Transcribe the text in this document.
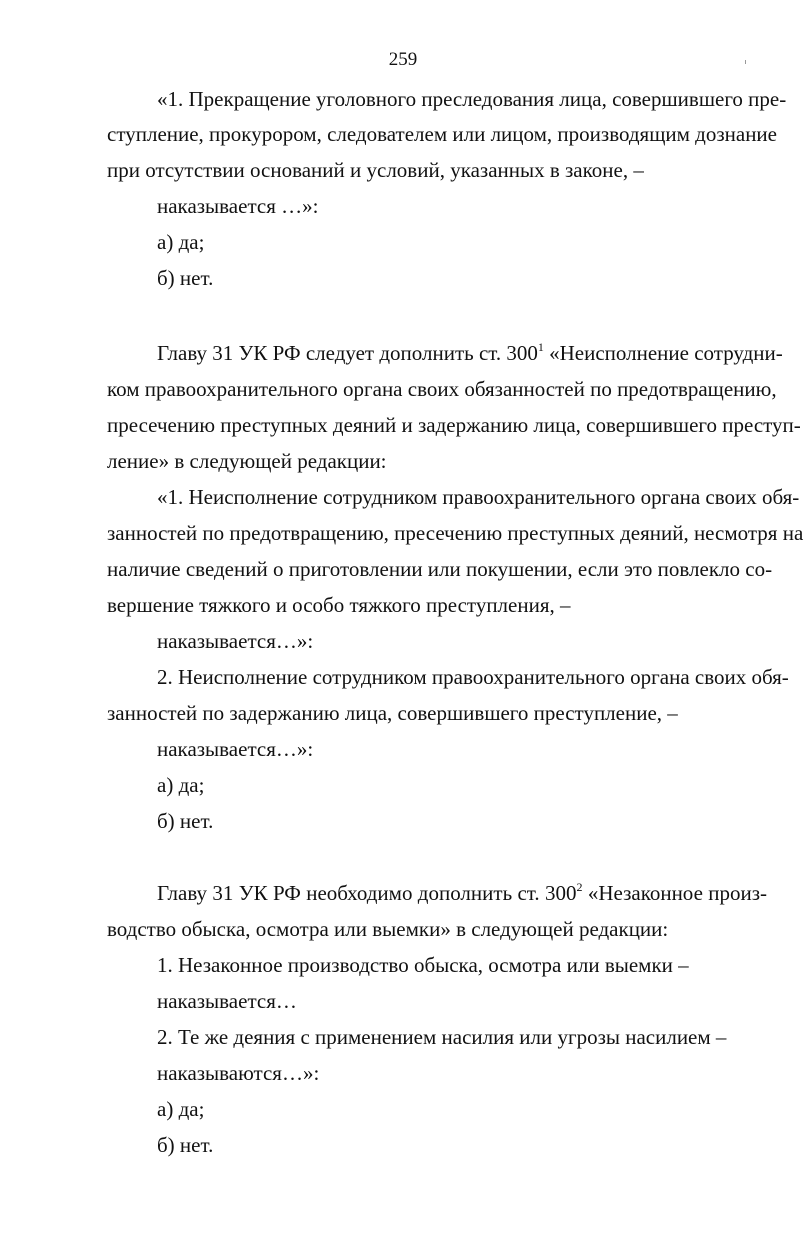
259
«1. Прекращение уголовного преследования лица, совершившего пре-
ступление, прокурором, следователем или лицом, производящим дознание
при отсутствии оснований и условий, указанных в законе, –
наказывается …»:
а) да;
б) нет.
Главу 31 УК РФ следует дополнить ст. $300^1$ «Неисполнение сотрудни-
ком правоохранительного органа своих обязанностей по предотвращению,
пресечению преступных деяний и задержанию лица, совершившего преступ-
ление» в следующей редакции:
«1. Неисполнение сотрудником правоохранительного органа своих обя-
занностей по предотвращению, пресечению преступных деяний, несмотря на
наличие сведений о приготовлении или покушении, если это повлекло со-
вершение тяжкого и особо тяжкого преступления, –
наказывается…»:
2. Неисполнение сотрудником правоохранительного органа своих обя-
занностей по задержанию лица, совершившего преступление, –
наказывается…»:
а) да;
б) нет.
Главу 31 УК РФ необходимо дополнить ст. $300^2$ «Незаконное произ-
водство обыска, осмотра или выемки» в следующей редакции:
1. Незаконное производство обыска, осмотра или выемки –
наказывается…
2. Те же деяния с применением насилия или угрозы насилием –
наказываются…»:
а) да;
б) нет.
